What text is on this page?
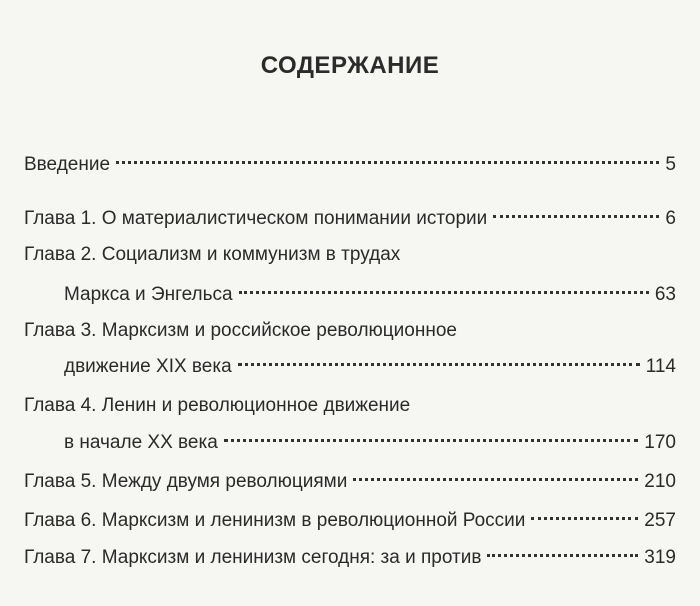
СОДЕРЖАНИЕ
Введение	5
Глава 1. О материалистическом понимании истории	6
Глава 2. Социализм и коммунизм в трудах
Маркса и Энгельса	63
Глава 3. Марксизм и российское революционное
движение XIX века	114
Глава 4. Ленин и революционное движение
в начале XX века	170
Глава 5. Между двумя революциями	210
Глава 6. Марксизм и ленинизм в революционной России	257
Глава 7. Марксизм и ленинизм сегодня: за и против	319
